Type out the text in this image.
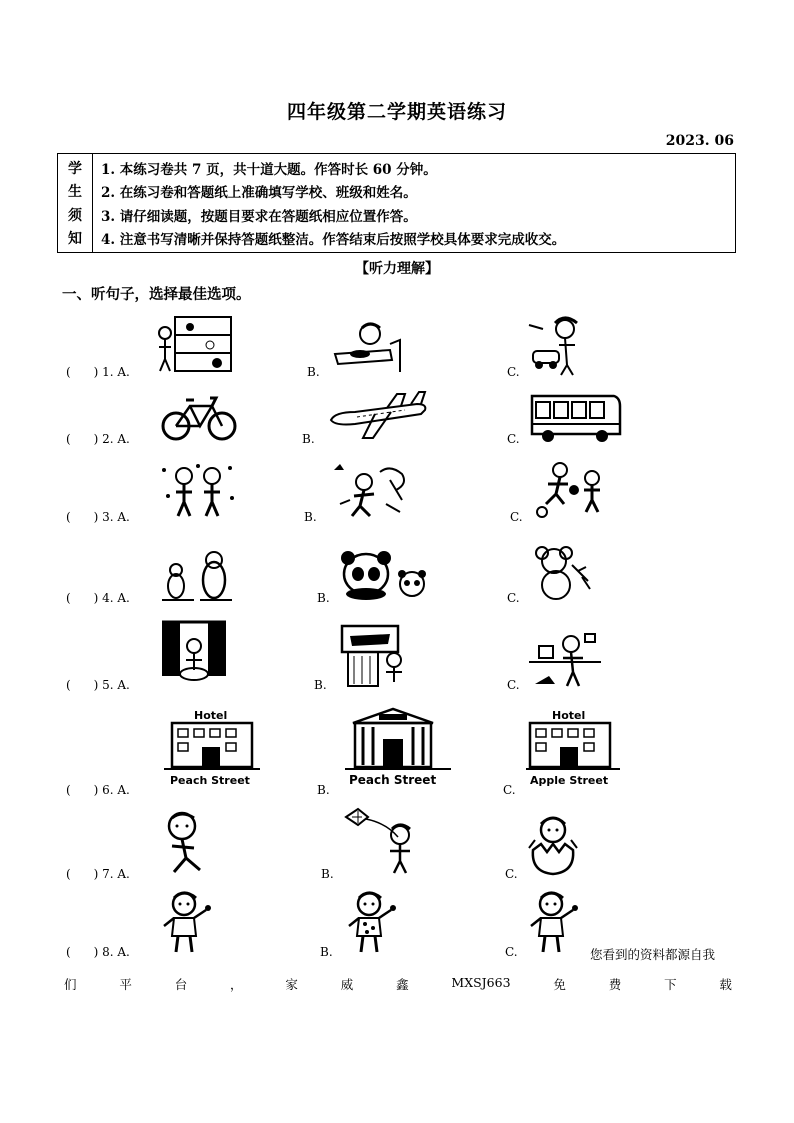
四年级第二学期英语练习
2023. 06
学
生
须
知
1. 本练习卷共 7 页，共十道大题。作答时长 60 分钟。
2. 在练习卷和答题纸上准确填写学校、班级和姓名。
3. 请仔细读题，按题目要求在答题纸相应位置作答。
4. 注意书写清晰并保持答题纸整洁。作答结束后按照学校具体要求完成收交。
【听力理解】
一、听句子，选择最佳选项。
(      ) 1. A.	B.	C.
(      ) 2. A.	B.	C.
(      ) 3. A.	B.	C.
(      ) 4. A.	B.	C.
(      ) 5. A.	B.	C.
(      ) 6. A.
Hotel
Peach Street
B.
Peach Street
C.
Hotel
Apple Street
(      ) 7. A.	B.	C.
(      ) 8. A.	B.	C.	您看到的资料都源自我
们	平	台	，	家	威	鑫	MXSJ663	免	费	下	载
